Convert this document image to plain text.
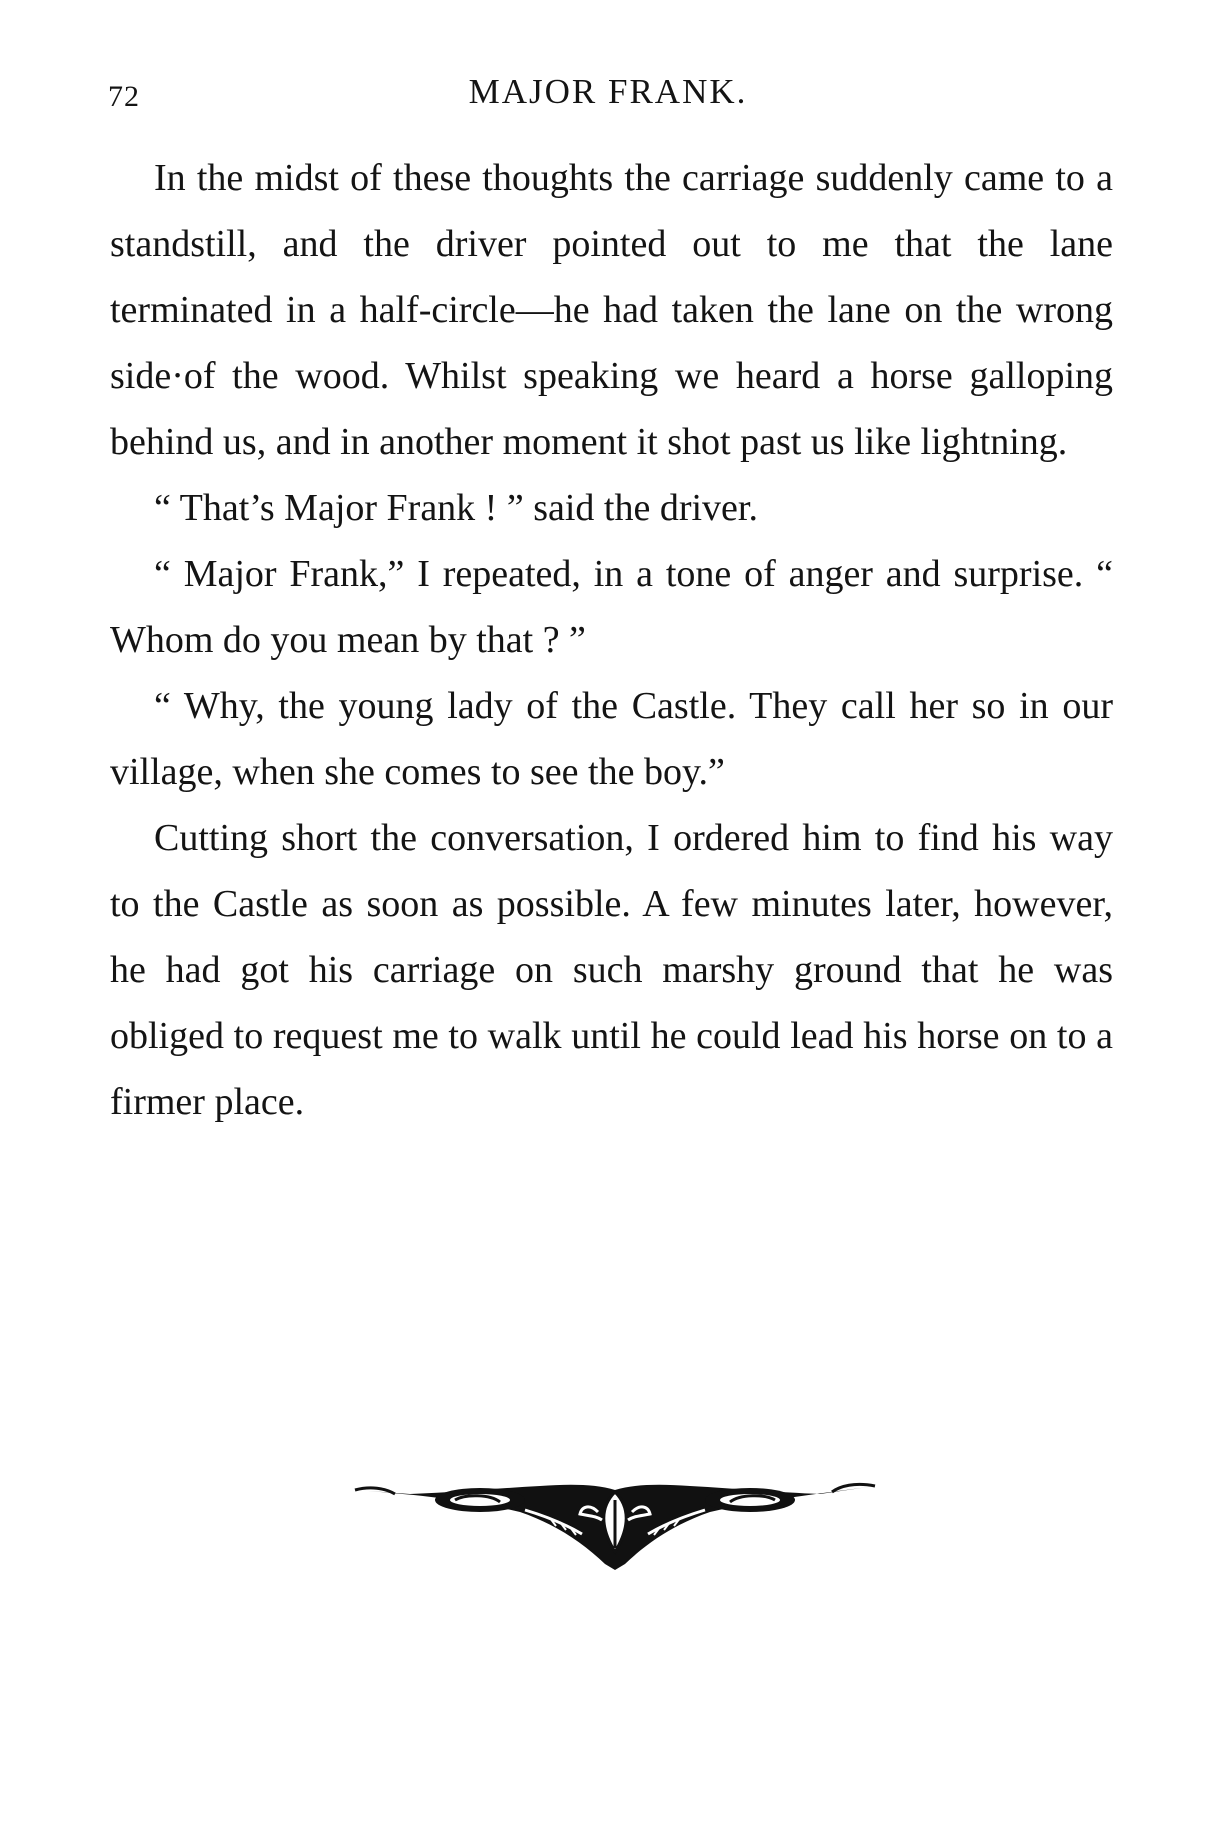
72	MAJOR FRANK.

In the midst of these thoughts the carriage suddenly came to a standstill, and the driver pointed out to me that the lane terminated in a half-circle—he had taken the lane on the wrong side·of the wood. Whilst speaking we heard a horse galloping behind us, and in another moment it shot past us like lightning.

“ That’s Major Frank ! ” said the driver.

“ Major Frank,” I repeated, in a tone of anger and surprise. “ Whom do you mean by that ? ”

“ Why, the young lady of the Castle. They call her so in our village, when she comes to see the boy.”

Cutting short the conversation, I ordered him to find his way to the Castle as soon as possible. A few minutes later, however, he had got his carriage on such marshy ground that he was obliged to request me to walk until he could lead his horse on to a firmer place.
